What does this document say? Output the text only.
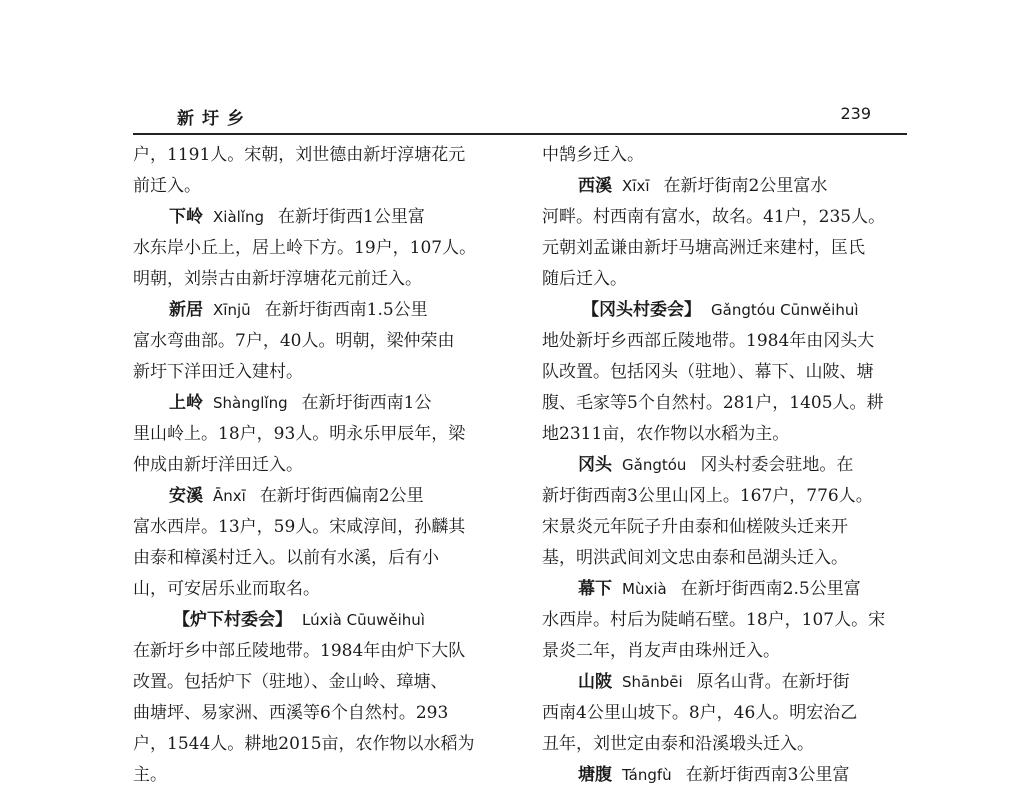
新圩乡	239
户，1191人。宋朝，刘世德由新圩淳塘花元
前迁入。
下岭 Xiàlǐng 在新圩街西1公里富
水东岸小丘上，居上岭下方。19户，107人。
明朝，刘崇古由新圩淳塘花元前迁入。
新居 Xīnjū 在新圩街西南1.5公里
富水弯曲部。7户，40人。明朝，梁仲荣由
新圩下洋田迁入建村。
上岭 Shànglǐng 在新圩街西南1公
里山岭上。18户，93人。明永乐甲辰年，梁
仲成由新圩洋田迁入。
安溪 Ānxī 在新圩街西偏南2公里
富水西岸。13户，59人。宋咸淳间，孙麟其
由泰和樟溪村迁入。以前有水溪，后有小
山，可安居乐业而取名。
【炉下村委会】 Lúxià Cūuwěihuì
在新圩乡中部丘陵地带。1984年由炉下大队
改置。包括炉下（驻地）、金山岭、璋塘、
曲塘坪、易家洲、西溪等6个自然村。293
户，1544人。耕地2015亩，农作物以水稻为
主。
中鹄乡迁入。
西溪 Xīxī 在新圩街南2公里富水
河畔。村西南有富水，故名。41户，235人。
元朝刘孟谦由新圩马塘高洲迁来建村，匡氏
随后迁入。
【冈头村委会】 Gǎngtóu Cūnwěihuì
地处新圩乡西部丘陵地带。1984年由冈头大
队改置。包括冈头（驻地）、幕下、山陂、塘
腹、毛家等5个自然村。281户，1405人。耕
地2311亩，农作物以水稻为主。
冈头 Gǎngtóu 冈头村委会驻地。在
新圩街西南3公里山冈上。167户，776人。
宋景炎元年阮子升由泰和仙槎陂头迁来开
基，明洪武间刘文忠由泰和邑湖头迁入。
幕下 Mùxià 在新圩街西南2.5公里富
水西岸。村后为陡峭石壁。18户，107人。宋
景炎二年，肖友声由珠州迁入。
山陂 Shānbēi 原名山背。在新圩街
西南4公里山坡下。8户，46人。明宏治乙
丑年，刘世定由泰和沿溪塅头迁入。
塘腹 Tángfù 在新圩街西南3公里富
